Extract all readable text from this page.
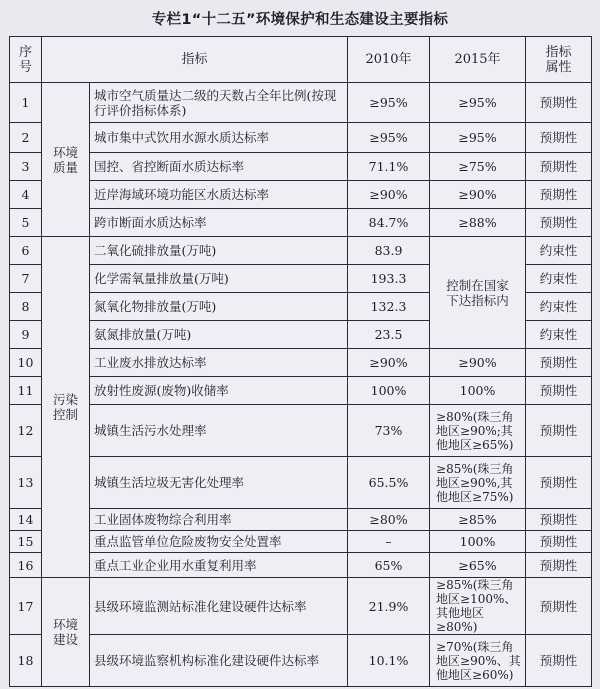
专栏1“十二五”环境保护和生态建设主要指标
序号	指标		2010年	2015年	指标属性
1	环境质量	城市空气质量达二级的天数占全年比例(按现行评价指标体系)	≥95%	≥95%	预期性
2		城市集中式饮用水源水质达标率	≥95%	≥95%	预期性
3		国控、省控断面水质达标率	71.1%	≥75%	预期性
4		近岸海域环境功能区水质达标率	≥90%	≥90%	预期性
5		跨市断面水质达标率	84.7%	≥88%	预期性
6	污染控制	二氧化硫排放量(万吨)	83.9	控制在国家下达指标内	约束性
7		化学需氧量排放量(万吨)	193.3		约束性
8		氮氧化物排放量(万吨)	132.3		约束性
9		氨氮排放量(万吨)	23.5		约束性
10		工业废水排放达标率	≥90%	≥90%	预期性
11		放射性废源(废物)收储率	100%	100%	预期性
12		城镇生活污水处理率	73%	≥80%(珠三角地区≥90%;其他地区≥65%)	预期性
13		城镇生活垃圾无害化处理率	65.5%	≥85%(珠三角地区≥90%,其他地区≥75%)	预期性
14		工业固体废物综合利用率	≥80%	≥85%	预期性
15		重点监管单位危险废物安全处置率	–	100%	预期性
16		重点工业企业用水重复利用率	65%	≥65%	预期性
17	环境建设	县级环境监测站标准化建设硬件达标率	21.9%	≥85%(珠三角地区≥100%、其他地区≥80%)	预期性
18		县级环境监察机构标准化建设硬件达标率	10.1%	≥70%(珠三角地区≥90%、其他地区≥60%)	预期性
